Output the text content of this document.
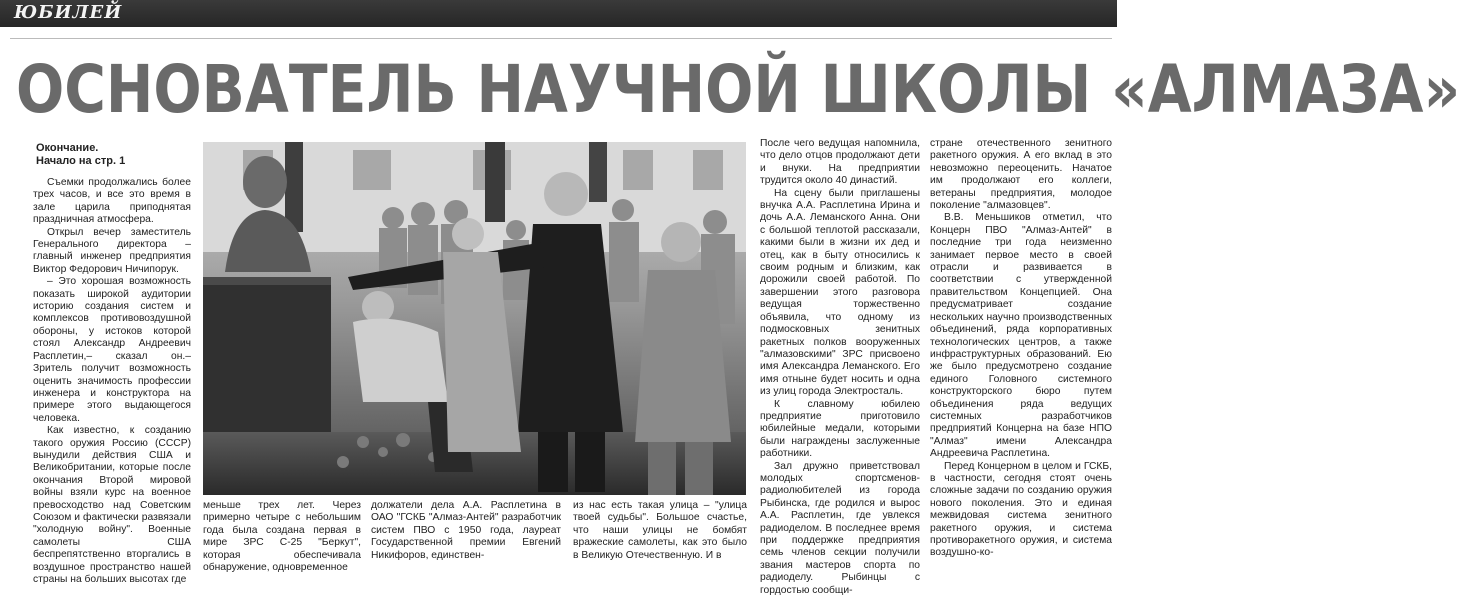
ЮБИЛЕЙ
ОСНОВАТЕЛЬ НАУЧНОЙ ШКОЛЫ «АЛМАЗА»
Окончание.
Начало на стр. 1

Съемки продолжались более трех часов, и все это время в зале царила приподнятая праздничная атмосфера.

Открыл вечер заместитель Генерального директора – главный инженер предприятия Виктор Федорович Ничипорук.

– Это хорошая возможность показать широкой аудитории историю создания систем и комплексов противовоздушной обороны, у истоков которой стоял Александр Андреевич Расплетин,– сказал он.– Зритель получит возможность оценить значимость профессии инженера и конструктора на примере этого выдающегося человека.

Как известно, к созданию такого оружия Россию (СССР) вынудили действия США и Великобритании, которые после окончания Второй мировой войны взяли курс на военное превосходство над Советским Союзом и фактически развязали "холодную войну". Военные самолеты США беспрепятственно вторгались в воздушное пространство нашей страны на больших высотах где

меньше трех лет. Через примерно четыре с небольшим года была создана первая в мире ЗРС С-25 "Беркут", которая обеспечивала обнаружение, одновременное
должатели дела А.А. Расплетина в ОАО "ГСКБ "Алмаз-Антей" разработчик систем ПВО с 1950 года, лауреат Государственной премии Евгений Никифоров, единствен-
из нас есть такая улица – "улица твоей судьбы". Большое счастье, что наши улицы не бомбят вражеские самолеты, как это было в Великую Отечественную. И в

После чего ведущая напомнила, что дело отцов продолжают дети и внуки. На предприятии трудится около 40 династий.

На сцену были приглашены внучка А.А. Расплетина Ирина и дочь А.А. Леманского Анна. Они с большой теплотой рассказали, какими были в жизни их дед и отец, как в быту относились к своим родным и близким, как дорожили своей работой. По завершении этого разговора ведущая торжественно объявила, что одному из подмосковных зенитных ракетных полков вооруженных "алмазовскими" ЗРС присвоено имя Александра Леманского. Его имя отныне будет носить и одна из улиц города Электросталь.

К славному юбилею предприятие приготовило юбилейные медали, которыми были награждены заслуженные работники.

Зал дружно приветствовал молодых спортсменов-радиолюбителей из города Рыбинска, где родился и вырос А.А. Расплетин, где увлекся радиоделом. В последнее время при поддержке предприятия семь членов секции получили звания мастеров спорта по радиоделу. Рыбинцы с гордостью сообщи-

стране отечественного зенитного ракетного оружия. А его вклад в это невозможно переоценить. Начатое им продолжают его коллеги, ветераны предприятия, молодое поколение "алмазовцев".

В.В. Меньшиков отметил, что Концерн ПВО "Алмаз-Антей" в последние три года неизменно занимает первое место в своей отрасли и развивается в соответствии с утвержденной правительством Концепцией. Она предусматривает создание нескольких научно производственных объединений, ряда корпоративных технологических центров, а также инфраструктурных образований. Ею же было предусмотрено создание единого Головного системного конструкторского бюро путем объединения ряда ведущих системных разработчиков предприятий Концерна на базе НПО "Алмаз" имени Александра Андреевича Расплетина.

Перед Концерном в целом и ГСКБ, в частности, сегодня стоят очень сложные задачи по созданию оружия нового поколения. Это и единая межвидовая система зенитного ракетного оружия, и система противоракетного оружия, и система воздушно-ко-
